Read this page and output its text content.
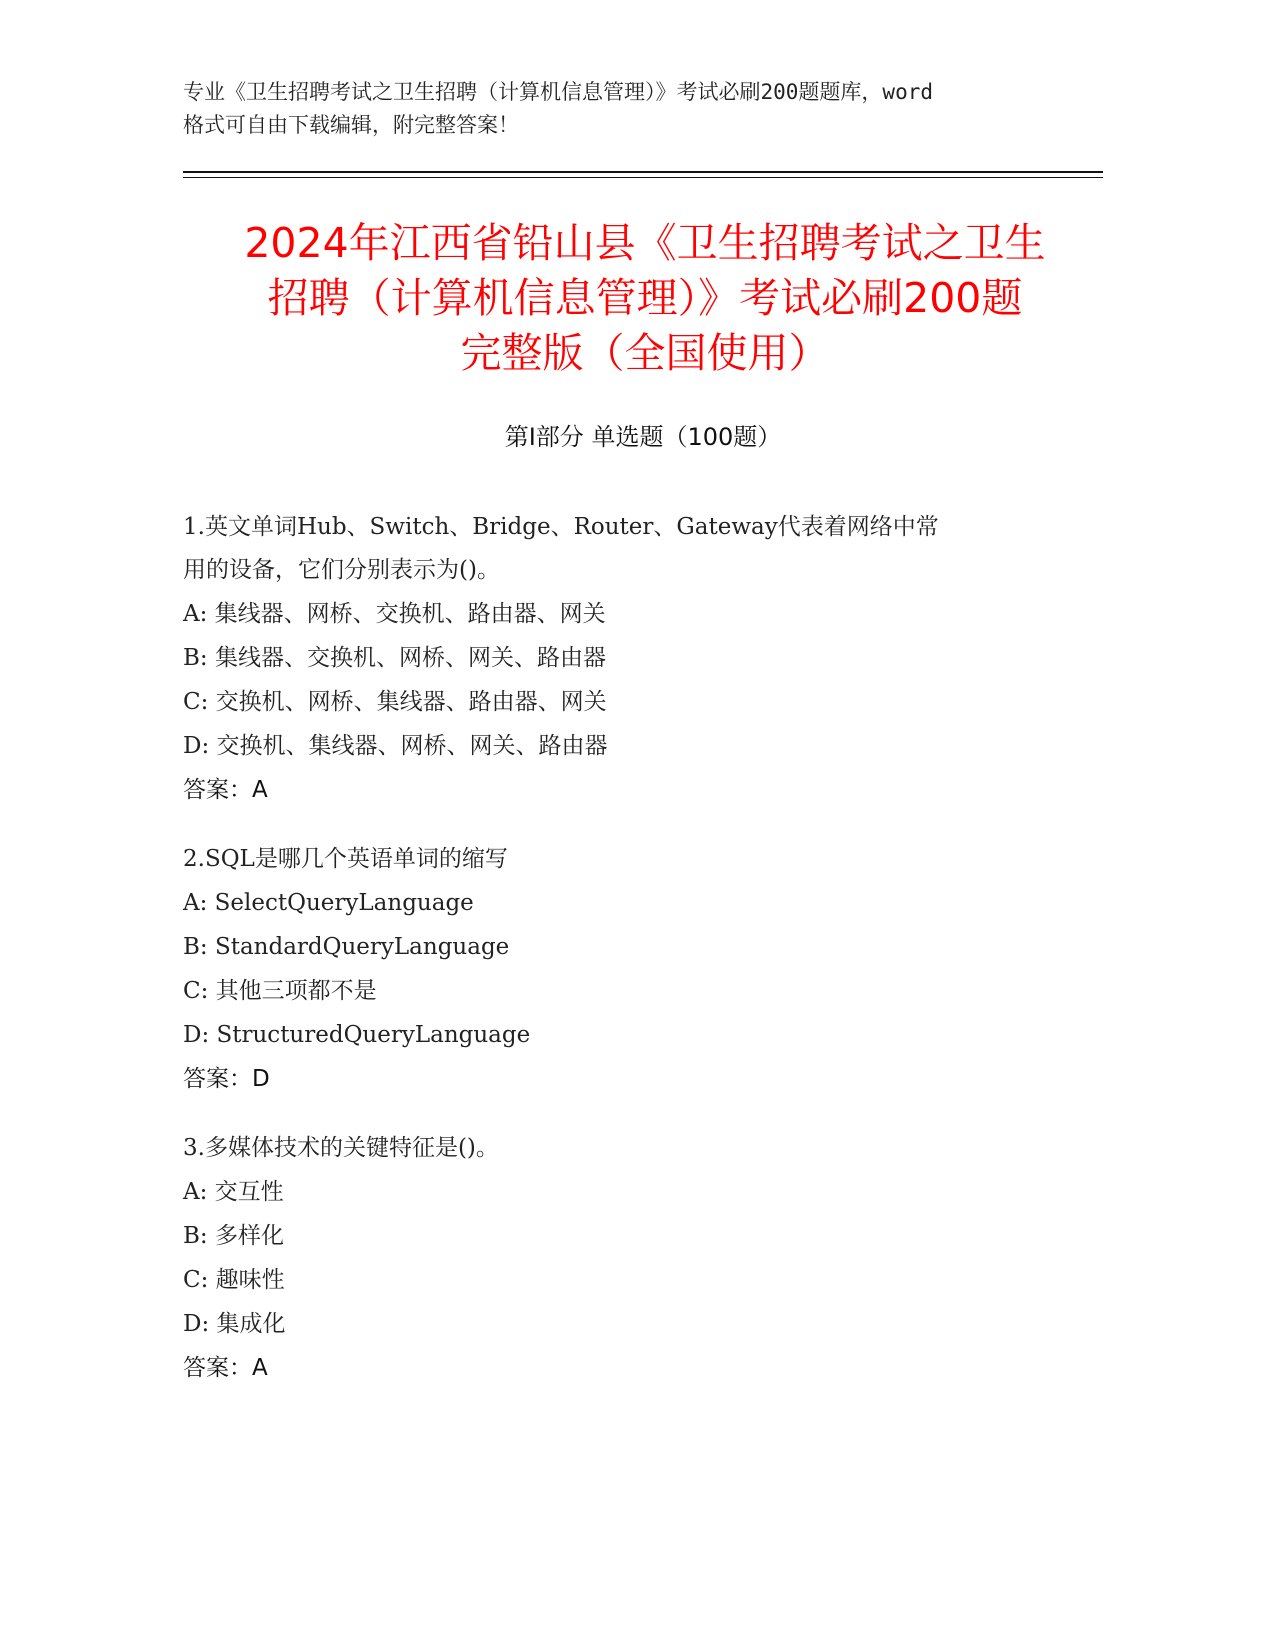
专业《卫生招聘考试之卫生招聘（计算机信息管理）》考试必刷200题题库，word
格式可自由下载编辑，附完整答案！
2024年江西省铅山县《卫生招聘考试之卫生
招聘（计算机信息管理）》考试必刷200题
完整版（全国使用）
第Ⅰ部分 单选题（100题）
1.英文单词Hub、Switch、Bridge、Router、Gateway代表着网络中常
用的设备，它们分别表示为()。
A: 集线器、网桥、交换机、路由器、网关
B: 集线器、交换机、网桥、网关、路由器
C: 交换机、网桥、集线器、路由器、网关
D: 交换机、集线器、网桥、网关、路由器
答案：A
2.SQL是哪几个英语单词的缩写
A: SelectQueryLanguage
B: StandardQueryLanguage
C: 其他三项都不是
D: StructuredQueryLanguage
答案：D
3.多媒体技术的关键特征是()。
A: 交互性
B: 多样化
C: 趣味性
D: 集成化
答案：A
